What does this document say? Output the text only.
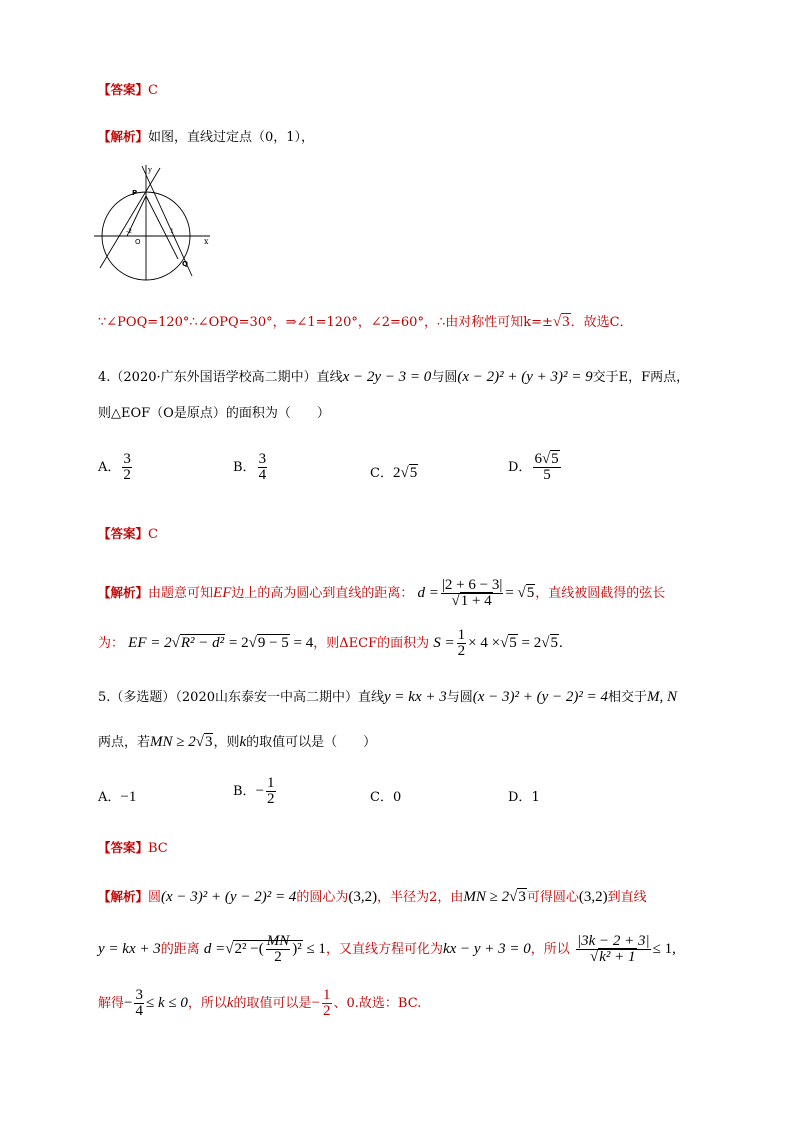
【答案】C
【解析】如图，直线过定点（0，1），
x
y
P
Q
O
-2	1
∵∠POQ=120°∴∠OPQ=30°，⇒∠1=120°，∠2=60°，∴由对称性可知k=±√3．故选C．
4.（2020·广东外国语学校高二期中）直线x − 2y − 3 = 0与圆(x − 2)² + (y + 3)² = 9交于E，F两点，
则△EOF（O是原点）的面积为（　　）
A． $\frac{3}{2}$	B． $\frac{3}{4}$	C．2√5	D． $\frac{6√5}{5}$
【答案】C
【解析】由题意可知EF边上的高为圆心到直线的距离： $d = \frac{|2 + 6 - 3|}{√1 + 4} = √5$，直线被圆截得的弦长
为： EF = 2√R² − d² = 2√9 − 5 = 4，则ΔECF的面积为 $S = \frac{1}{2} \times 4 \times√5 = 2√5$.
5.（多选题）（2020山东泰安一中高二期中）直线y = kx + 3与圆(x − 3)² + (y − 2)² = 4相交于M, N
两点，若MN ≥ 2√3，则k的取值可以是（　　）
A．−1	B．− $\frac{1}{2}$	C．0	D．1
【答案】BC
【解析】圆(x − 3)² + (y − 2)² = 4的圆心为(3,2)，半径为2，由MN ≥ 2√3可得圆心(3,2)到直线
y = kx + 3的距离 d =√2² −( $\frac{MN}{2} )^2 \le 1$，又直线方程可化为kx − y + 3 = 0，所以 $\frac{|3k - 2 + 3|}{\text{√k² + 1}} \le 1$,
解得− $\frac{3}{4} \le k \le 0$，所以k的取值可以是− $\frac{1}{2}$ 、0.故选：BC.
